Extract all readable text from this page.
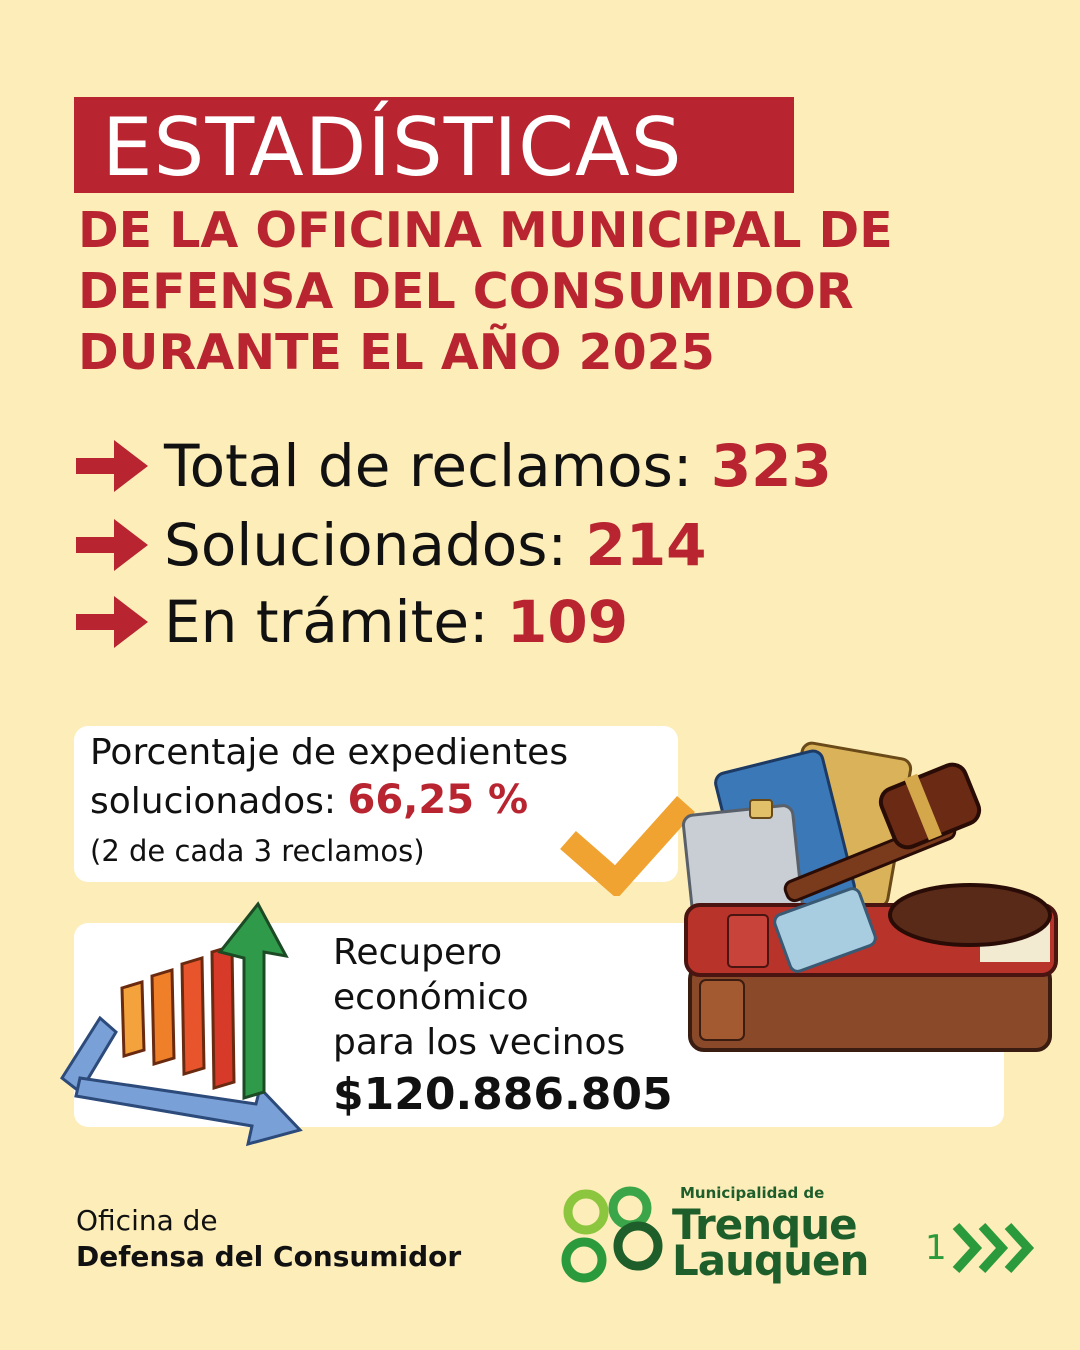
ESTADÍSTICAS
DE LA OFICINA MUNICIPAL DE
DEFENSA DEL CONSUMIDOR
DURANTE EL AÑO 2025
Total de reclamos: 323
Solucionados: 214
En trámite: 109
Porcentaje de expedientes
solucionados: 66,25 %
(2 de cada 3 reclamos)
Recupero
económico
para los vecinos
$120.886.805
Oficina de
Defensa del Consumidor
Municipalidad de
Trenque
Lauquen 1
